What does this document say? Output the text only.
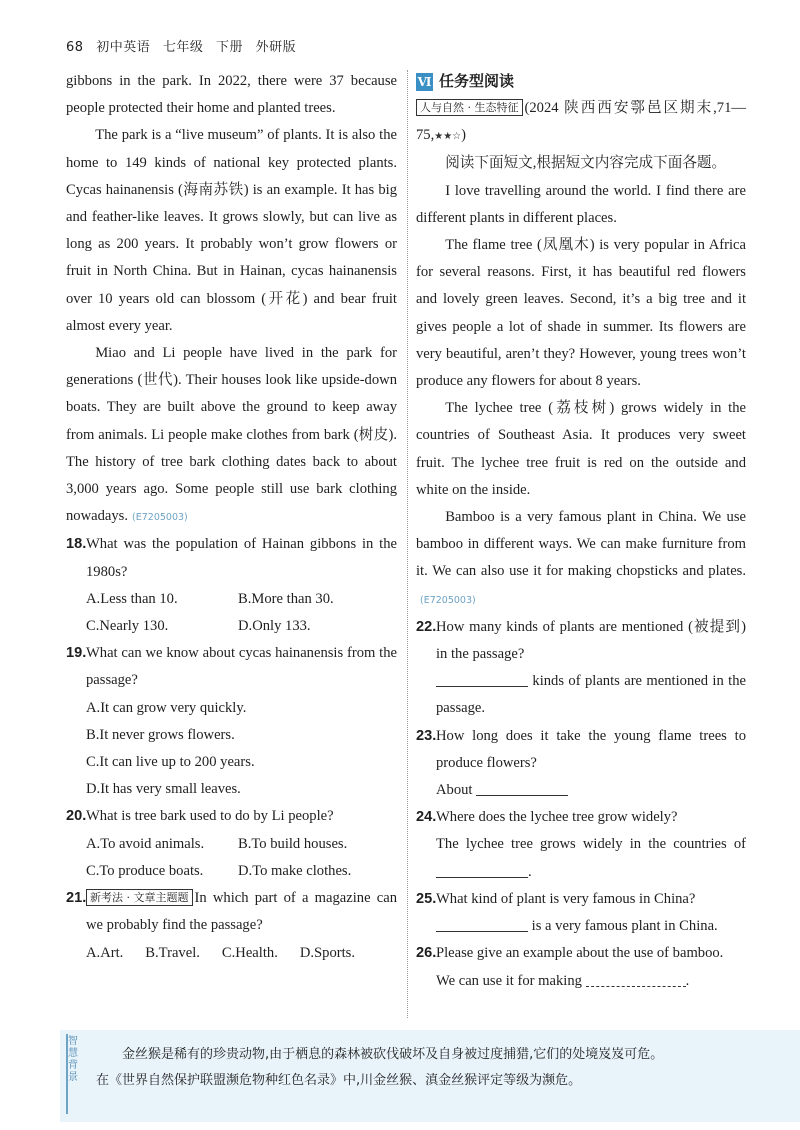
68 初中英语 七年级 下册 外研版

gibbons in the park. In 2022, there were 37 because people protected their home and planted trees.

The park is a “live museum” of plants. It is also the home to 149 kinds of national key protected plants. Cycas hainanensis (海南苏铁) is an example. It has big and feather-like leaves. It grows slowly, but can live as long as 200 years. It probably won’t grow flowers or fruit in North China. But in Hainan, cycas hainanensis over 10 years old can blossom (开花) and bear fruit almost every year.

Miao and Li people have lived in the park for generations (世代). Their houses look like upside-down boats. They are built above the ground to keep away from animals. Li people make clothes from bark (树皮). The history of tree bark clothing dates back to about 3,000 years ago. Some people still use bark clothing nowadays. (E7205003)

18. What was the population of Hainan gibbons in the 1980s?
A.Less than 10.	B.More than 30.
C.Nearly 130.	D.Only 133.
19. What can we know about cycas hainanensis from the passage?
A.It can grow very quickly.
B.It never grows flowers.
C.It can live up to 200 years.
D.It has very small leaves.
20. What is tree bark used to do by Li people?
A.To avoid animals.	B.To build houses.
C.To produce boats.	D.To make clothes.
21. 新考法 · 文章主题题 In which part of a magazine can we probably find the passage?
A.Art. B.Travel. C.Health. D.Sports.
Ⅵ 任务型阅读

人与自然 · 生态特征 (2024 陕西西安鄠邑区期末,71—75,★★☆)

阅读下面短文,根据短文内容完成下面各题。

I love travelling around the world. I find there are different plants in different places.

The flame tree (凤凰木) is very popular in Africa for several reasons. First, it has beautiful red flowers and lovely green leaves. Second, it’s a big tree and it gives people a lot of shade in summer. Its flowers are very beautiful, aren’t they? However, young trees won’t produce any flowers for about 8 years.

The lychee tree (荔枝树) grows widely in the countries of Southeast Asia. It produces very sweet fruit. The lychee tree fruit is red on the outside and white on the inside.

Bamboo is a very famous plant in China. We use bamboo in different ways. We can make furniture from it. We can also use it for making chopsticks and plates.(E7205003)

22. How many kinds of plants are mentioned (被提到) in the passage?

kinds of plants are mentioned in the passage.

23. How long does it take the young flame trees to produce flowers?

About

24. Where does the lychee tree grow widely?

The lychee tree grows widely in the countries of .

25. What kind of plant is very famous in China?

is a very famous plant in China.

26. Please give an example about the use of bamboo.

We can use it for making	.

智慧背景
金丝猴是稀有的珍贵动物,由于栖息的森林被砍伐破坏及自身被过度捕猎,它们的处境岌岌可危。
在《世界自然保护联盟濒危物种红色名录》中,川金丝猴、滇金丝猴评定等级为濒危。
